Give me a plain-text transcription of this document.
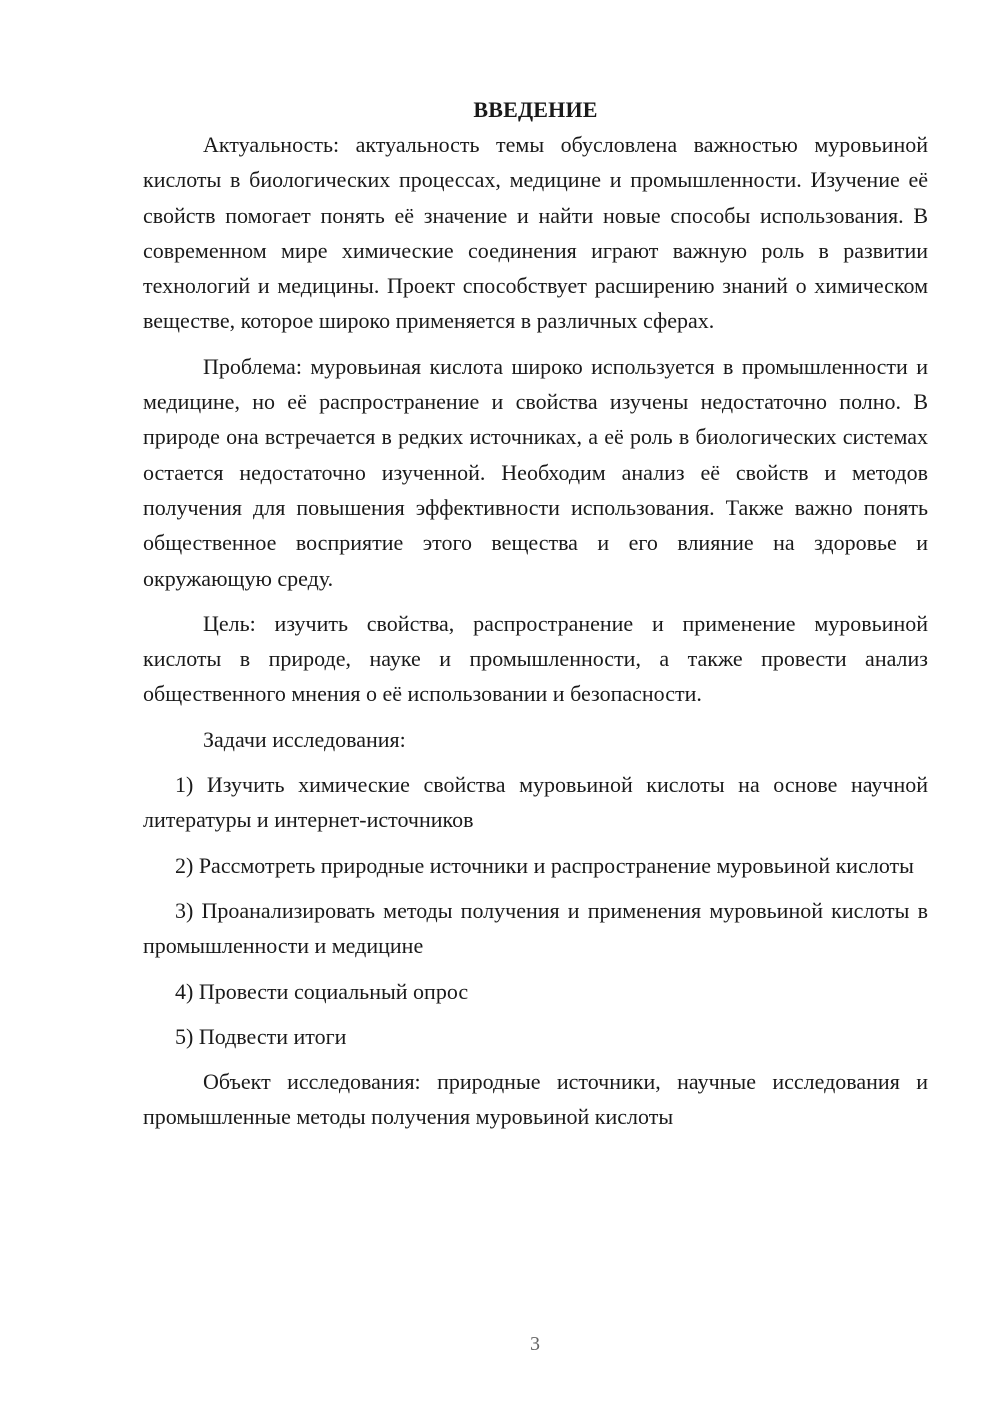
ВВЕДЕНИЕ

Актуальность: актуальность темы обусловлена важностью муровьиной кислоты в биологических процессах, медицине и промышленности. Изучение её свойств помогает понять её значение и найти новые способы использования. В современном мире химические соединения играют важную роль в развитии технологий и медицины. Проект способствует расширению знаний о химическом веществе, которое широко применяется в различных сферах.

Проблема: муровьиная кислота широко используется в промышленности и медицине, но её распространение и свойства изучены недостаточно полно. В природе она встречается в редких источниках, а её роль в биологических системах остается недостаточно изученной. Необходим анализ её свойств и методов получения для повышения эффективности использования. Также важно понять общественное восприятие этого вещества и его влияние на здоровье и окружающую среду.

Цель: изучить свойства, распространение и применение муровьиной кислоты в природе, науке и промышленности, а также провести анализ общественного мнения о её использовании и безопасности.

Задачи исследования:

1) Изучить химические свойства муровьиной кислоты на основе научной литературы и интернет-источников

2) Рассмотреть природные источники и распространение муровьиной кислоты

3) Проанализировать методы получения и применения муровьиной кислоты в промышленности и медицине

4) Провести социальный опрос

5) Подвести итоги

Объект исследования: природные источники, научные исследования и промышленные методы получения муровьиной кислоты

3
